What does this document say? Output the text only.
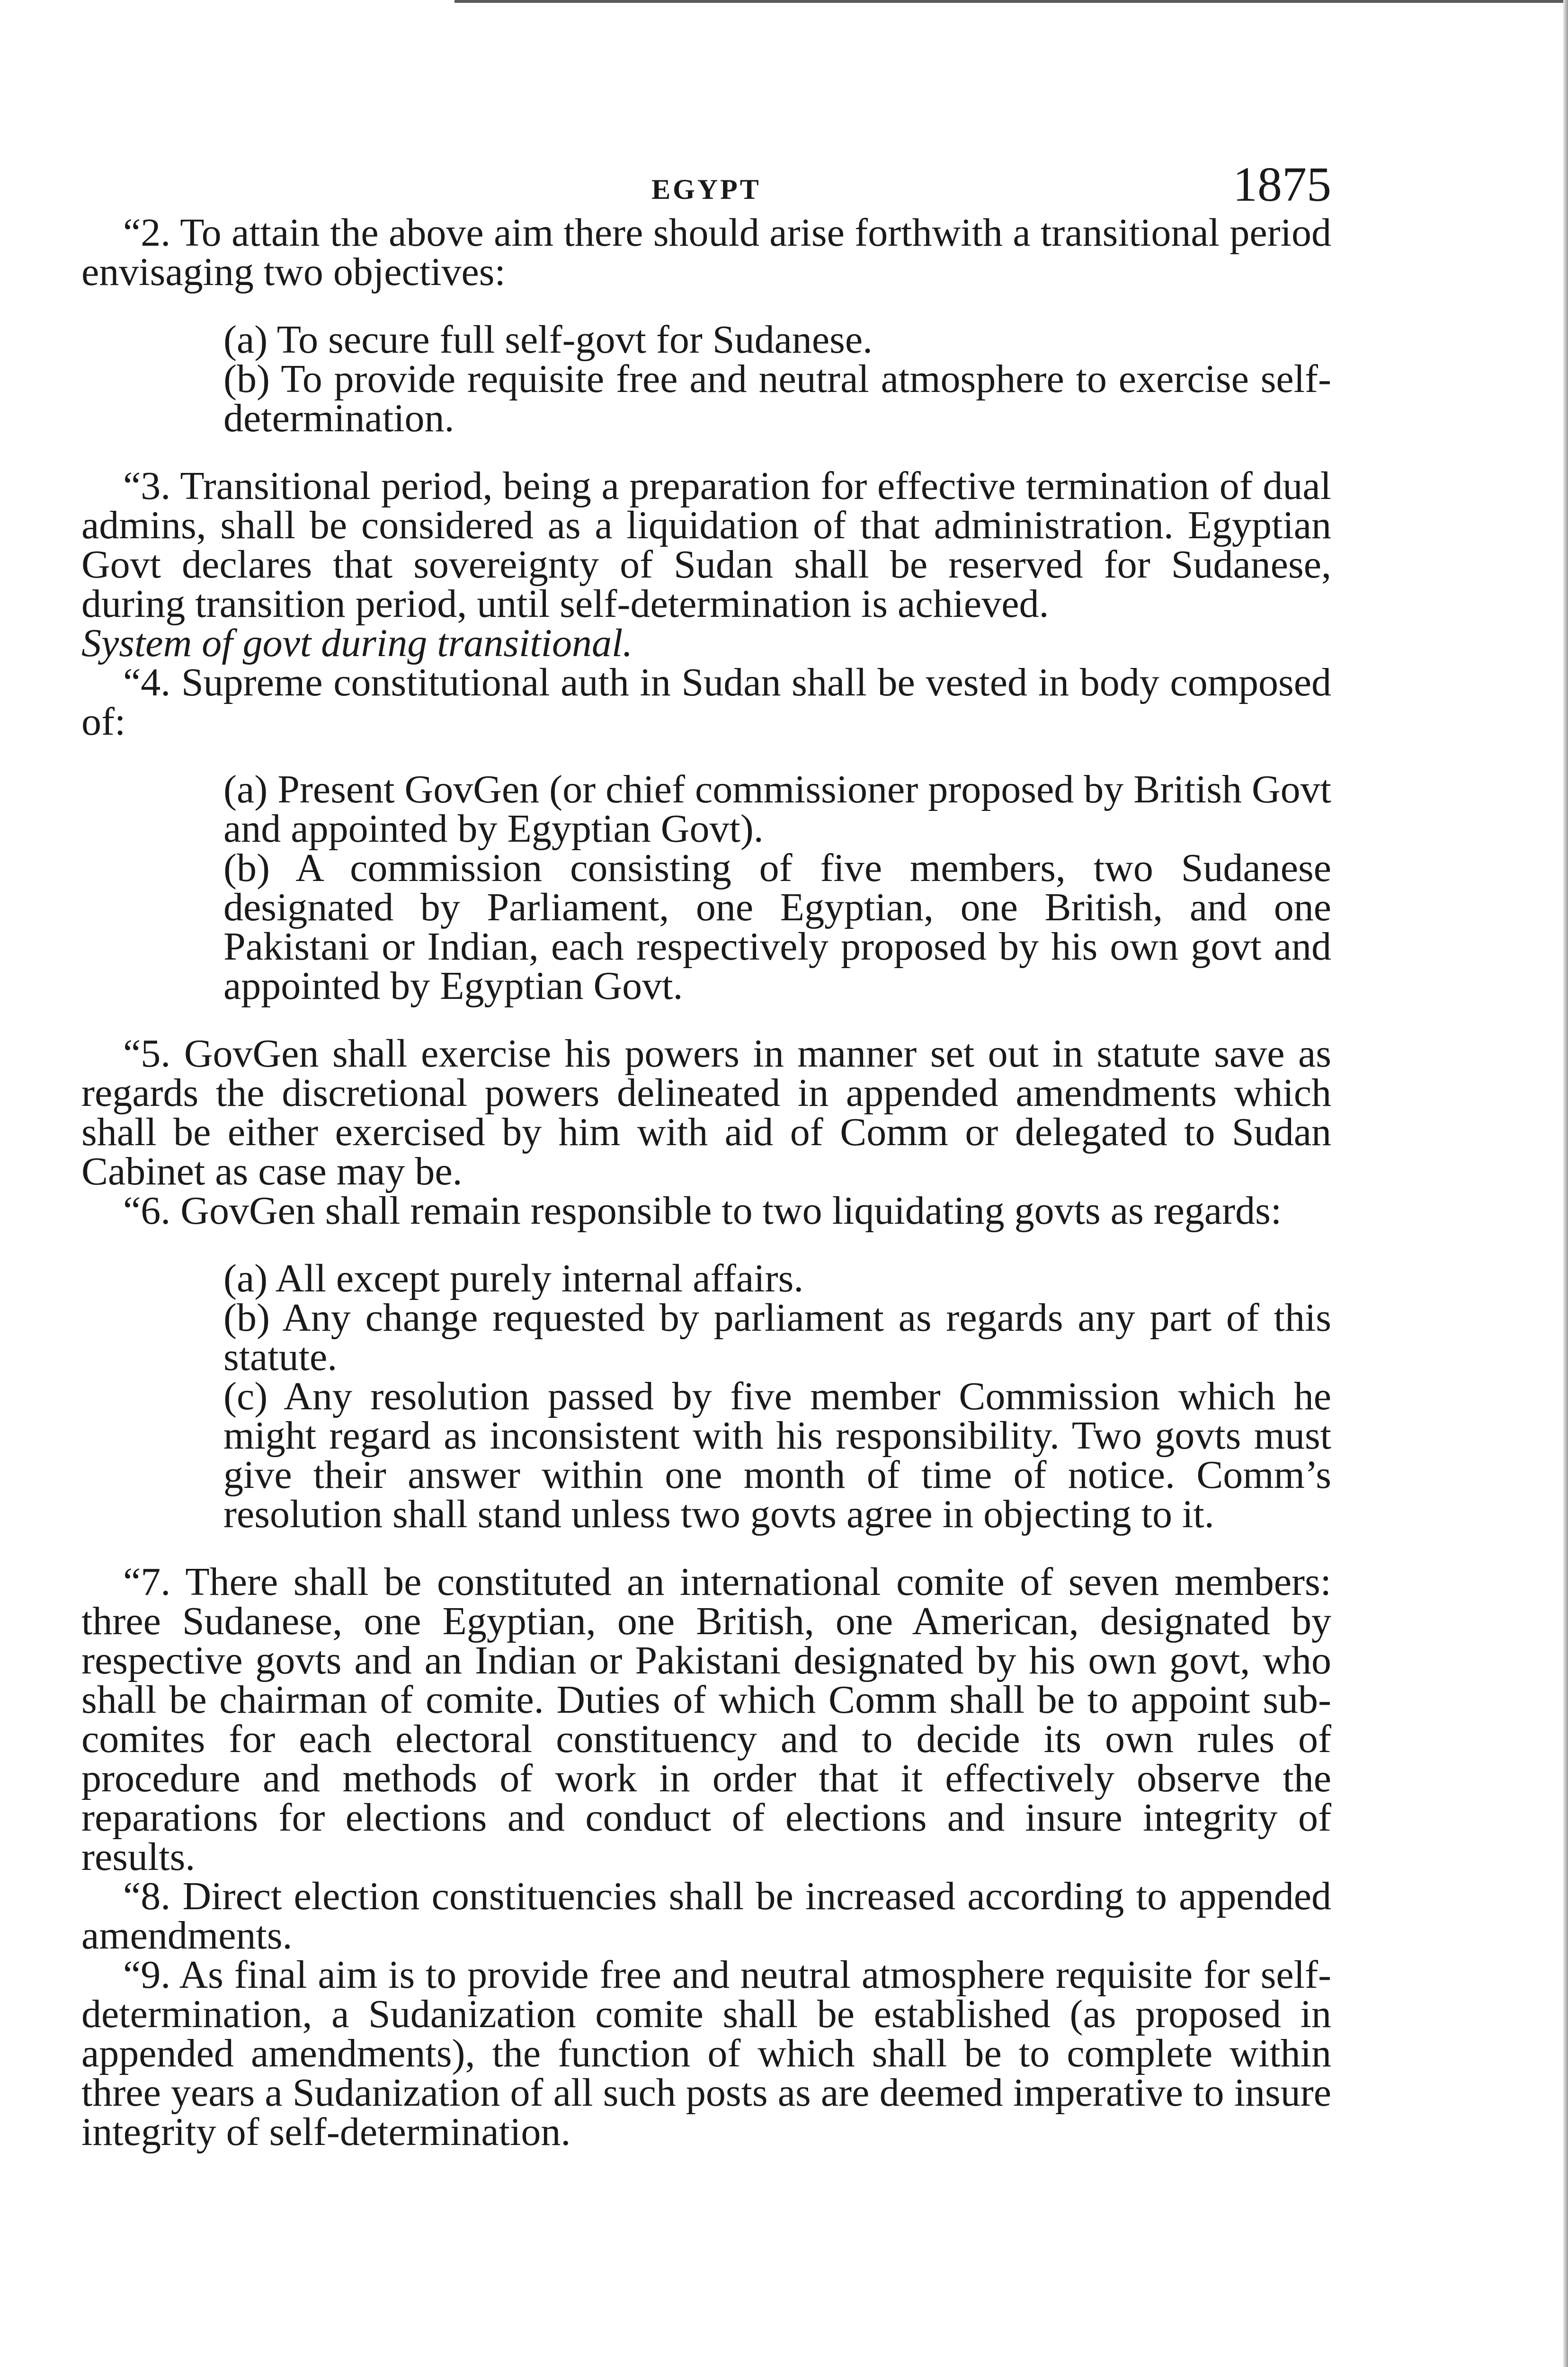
EGYPT	1875

“2. To attain the above aim there should arise forthwith a transitional period envisaging two objectives:

(a) To secure full self-govt for Sudanese.

(b) To provide requisite free and neutral atmosphere to exercise self-determination.

“3. Transitional period, being a preparation for effective termination of dual admins, shall be considered as a liquidation of that administration. Egyptian Govt declares that sovereignty of Sudan shall be reserved for Sudanese, during transition period, until self-determination is achieved.

System of govt during transitional.

“4. Supreme constitutional auth in Sudan shall be vested in body composed of:

(a) Present GovGen (or chief commissioner proposed by British Govt and appointed by Egyptian Govt).

(b) A commission consisting of five members, two Sudanese designated by Parliament, one Egyptian, one British, and one Pakistani or Indian, each respectively proposed by his own govt and appointed by Egyptian Govt.

“5. GovGen shall exercise his powers in manner set out in statute save as regards the discretional powers delineated in appended amendments which shall be either exercised by him with aid of Comm or delegated to Sudan Cabinet as case may be.

“6. GovGen shall remain responsible to two liquidating govts as regards:

(a) All except purely internal affairs.

(b) Any change requested by parliament as regards any part of this statute.

(c) Any resolution passed by five member Commission which he might regard as inconsistent with his responsibility. Two govts must give their answer within one month of time of notice. Comm’s resolution shall stand unless two govts agree in objecting to it.

“7. There shall be constituted an international comite of seven members: three Sudanese, one Egyptian, one British, one American, designated by respective govts and an Indian or Pakistani designated by his own govt, who shall be chairman of comite. Duties of which Comm shall be to appoint sub-comites for each electoral constituency and to decide its own rules of procedure and methods of work in order that it effectively observe the reparations for elections and conduct of elections and insure integrity of results.

“8. Direct election constituencies shall be increased according to appended amendments.

“9. As final aim is to provide free and neutral atmosphere requisite for self-determination, a Sudanization comite shall be established (as proposed in appended amendments), the function of which shall be to complete within three years a Sudanization of all such posts as are deemed imperative to insure integrity of self-determination.
